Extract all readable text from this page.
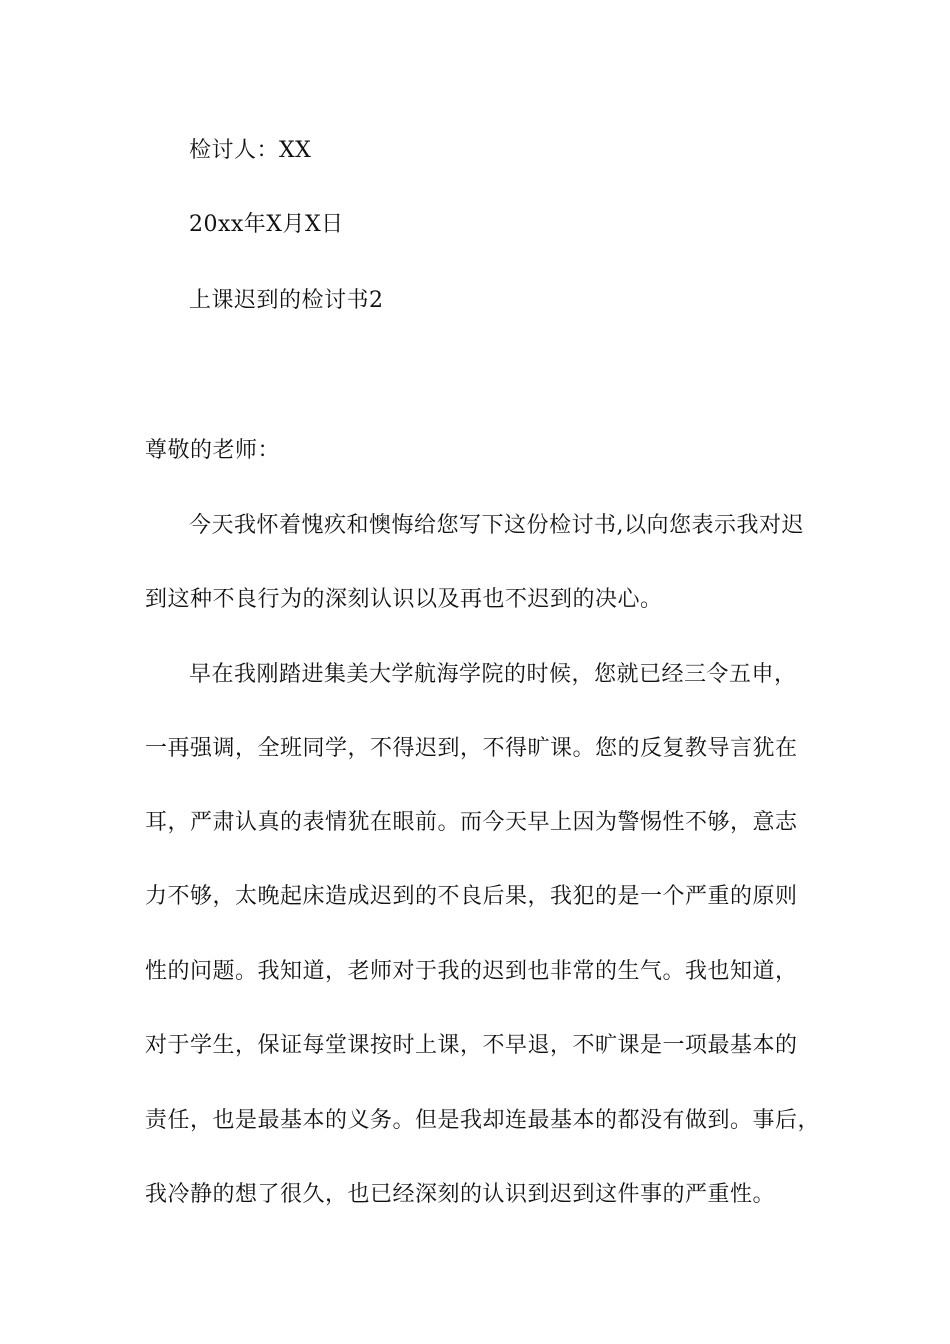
检讨人：XX
20xx年X月X日
上课迟到的检讨书2
尊敬的老师：
今天我怀着愧疚和懊悔给您写下这份检讨书,以向您表示我对迟
到这种不良行为的深刻认识以及再也不迟到的决心。
早在我刚踏进集美大学航海学院的时候，您就已经三令五申，
一再强调，全班同学，不得迟到，不得旷课。您的反复教导言犹在
耳，严肃认真的表情犹在眼前。而今天早上因为警惕性不够，意志
力不够，太晚起床造成迟到的不良后果，我犯的是一个严重的原则
性的问题。我知道，老师对于我的迟到也非常的生气。我也知道，
对于学生，保证每堂课按时上课，不早退，不旷课是一项最基本的
责任，也是最基本的义务。但是我却连最基本的都没有做到。事后，
我冷静的想了很久，也已经深刻的认识到迟到这件事的严重性。
